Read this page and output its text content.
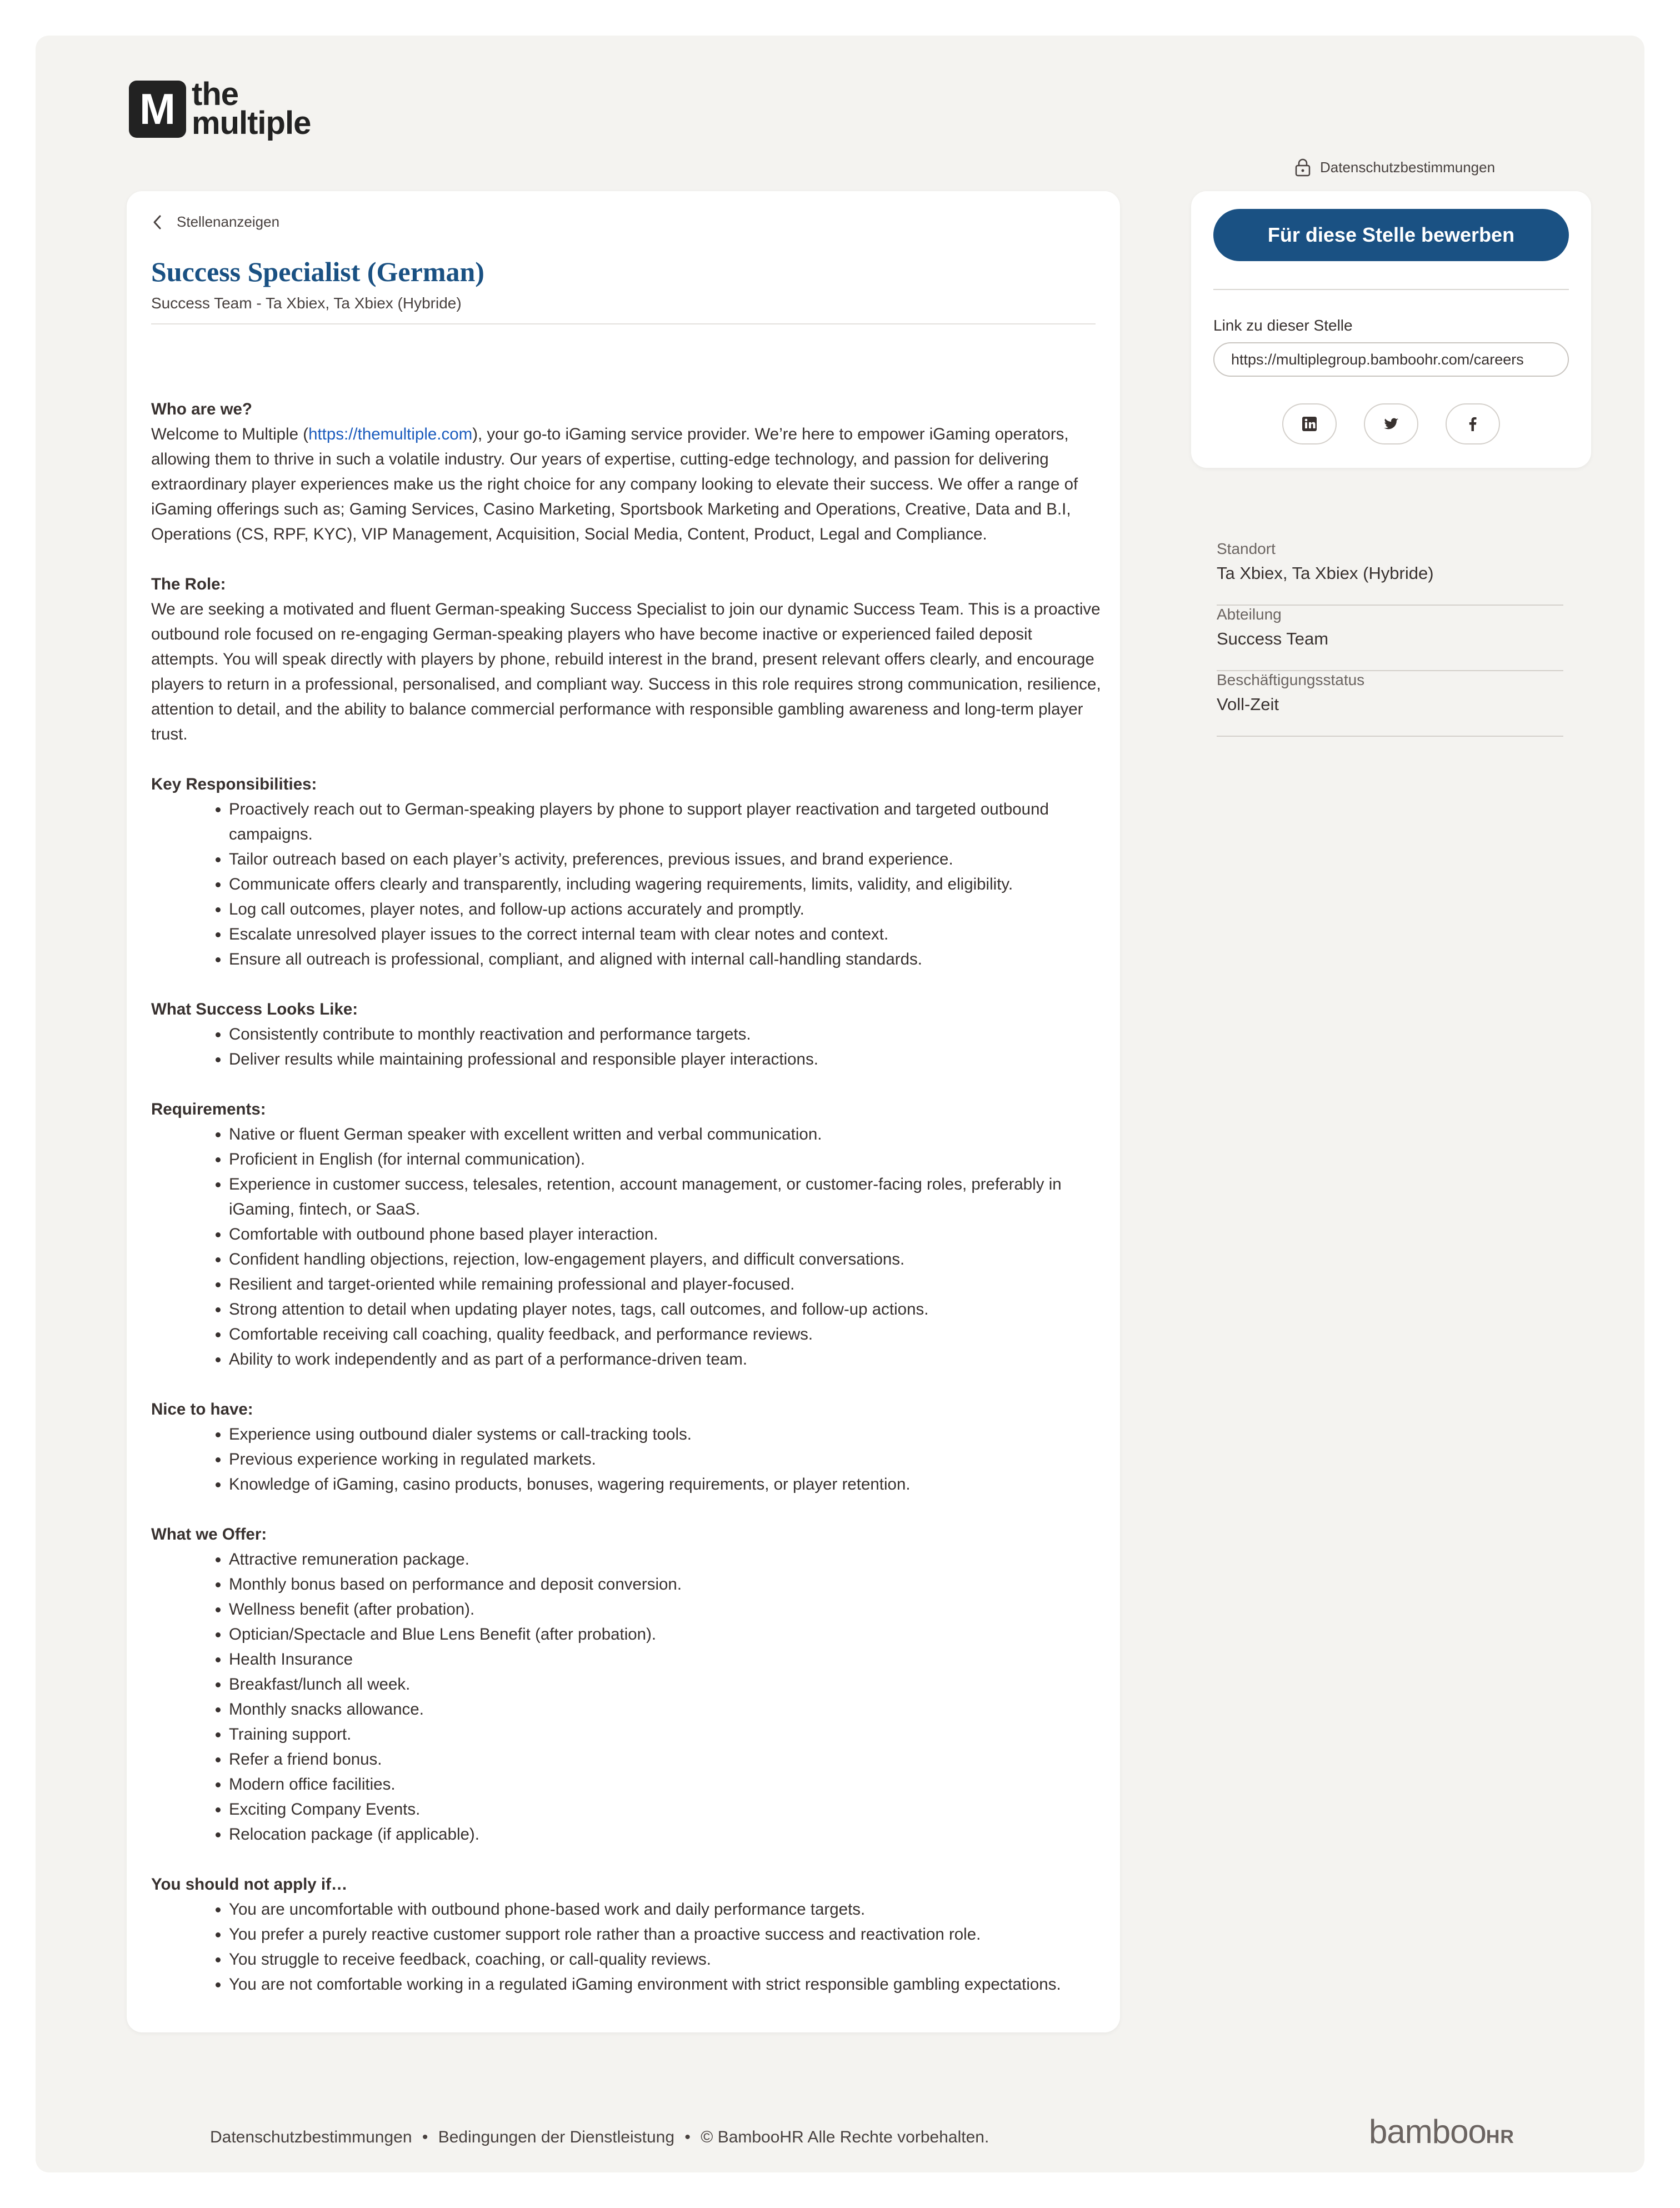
M the
multiple
Datenschutzbestimmungen
Stellenanzeigen
Success Specialist (German)
Success Team - Ta Xbiex, Ta Xbiex (Hybride)

Who are we?

Welcome to Multiple (https://themultiple.com), your go-to iGaming service provider. We’re here to empower iGaming operators, allowing them to thrive in such a volatile industry. Our years of expertise, cutting-edge technology, and passion for delivering extraordinary player experiences make us the right choice for any company looking to elevate their success. We offer a range of iGaming offerings such as; Gaming Services, Casino Marketing, Sportsbook Marketing and Operations, Creative, Data and B.I, Operations (CS, RPF, KYC), VIP Management, Acquisition, Social Media, Content, Product, Legal and Compliance.

The Role:

We are seeking a motivated and fluent German-speaking Success Specialist to join our dynamic Success Team. This is a proactive outbound role focused on re-engaging German-speaking players who have become inactive or experienced failed deposit attempts. You will speak directly with players by phone, rebuild interest in the brand, present relevant offers clearly, and encourage players to return in a professional, personalised, and compliant way. Success in this role requires strong communication, resilience, attention to detail, and the ability to balance commercial performance with responsible gambling awareness and long-term player trust.

Key Responsibilities:

• Proactively reach out to German-speaking players by phone to support player reactivation and targeted outbound campaigns.
• Tailor outreach based on each player’s activity, preferences, previous issues, and brand experience.
• Communicate offers clearly and transparently, including wagering requirements, limits, validity, and eligibility.
• Log call outcomes, player notes, and follow-up actions accurately and promptly.
• Escalate unresolved player issues to the correct internal team with clear notes and context.
• Ensure all outreach is professional, compliant, and aligned with internal call-handling standards.

What Success Looks Like:

• Consistently contribute to monthly reactivation and performance targets.
• Deliver results while maintaining professional and responsible player interactions.

Requirements:

• Native or fluent German speaker with excellent written and verbal communication.
• Proficient in English (for internal communication).
• Experience in customer success, telesales, retention, account management, or customer-facing roles, preferably in iGaming, fintech, or SaaS.
• Comfortable with outbound phone based player interaction.
• Confident handling objections, rejection, low-engagement players, and difficult conversations.
• Resilient and target-oriented while remaining professional and player-focused.
• Strong attention to detail when updating player notes, tags, call outcomes, and follow-up actions.
• Comfortable receiving call coaching, quality feedback, and performance reviews.
• Ability to work independently and as part of a performance-driven team.

Nice to have:

• Experience using outbound dialer systems or call-tracking tools.
• Previous experience working in regulated markets.
• Knowledge of iGaming, casino products, bonuses, wagering requirements, or player retention.

What we Offer:

• Attractive remuneration package.
• Monthly bonus based on performance and deposit conversion.
• Wellness benefit (after probation).
• Optician/Spectacle and Blue Lens Benefit (after probation).
• Health Insurance
• Breakfast/lunch all week.
• Monthly snacks allowance.
• Training support.
• Refer a friend bonus.
• Modern office facilities.
• Exciting Company Events.
• Relocation package (if applicable).

You should not apply if…

• You are uncomfortable with outbound phone-based work and daily performance targets.
• You prefer a purely reactive customer support role rather than a proactive success and reactivation role.
• You struggle to receive feedback, coaching, or call-quality reviews.
• You are not comfortable working in a regulated iGaming environment with strict responsible gambling expectations.
Für diese Stelle bewerben
Link zu dieser Stelle
https://multiplegroup.bamboohr.com/careers
Standort
Ta Xbiex, Ta Xbiex (Hybride)
Abteilung
Success Team
Beschäftigungsstatus
Voll-Zeit
Datenschutzbestimmungen • Bedingungen der Dienstleistung • © BambooHR Alle Rechte vorbehalten.	bambooHR
